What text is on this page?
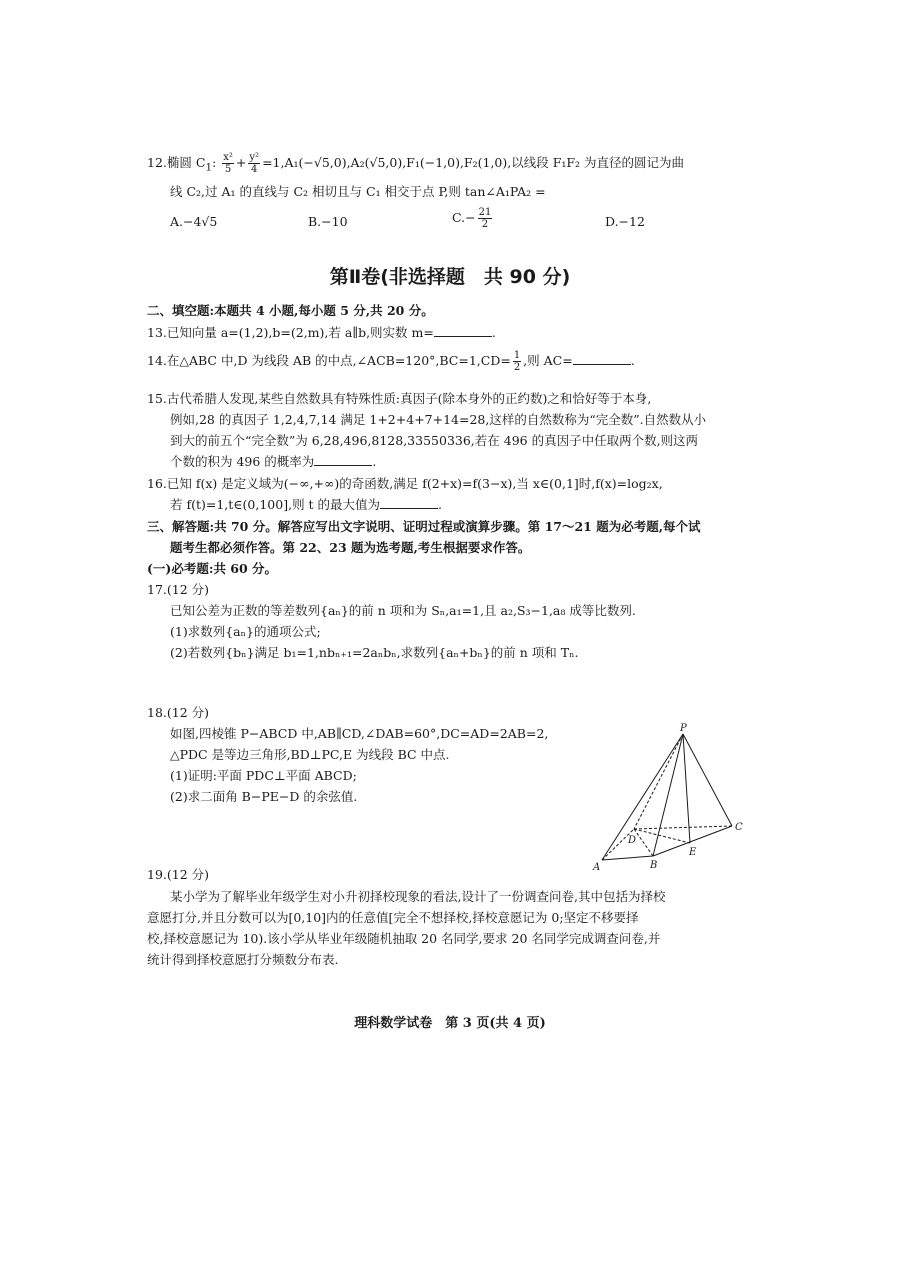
12.椭圆 $C_1$: $\frac{\text{x²}}{5} + \frac{\text{y²}}{4} =1,A_1(-√5,0),A_2(√5,0),F_1(-1,0),F_2(1,0)$,以线段 F₁F₂ 为直径的圆记为曲
线 C₂,过 A₁ 的直线与 C₂ 相切且与 C₁ 相交于点 P,则 tan∠A₁PA₂ =
A.−4√5	B.−10	$C.- \frac{21}{2}$	D.−12
第Ⅱ卷(非选择题　共 90 分)
二、填空题:本题共 4 小题,每小题 5 分,共 20 分。
13.已知向量 a=(1,2),b=(2,m),若 a∥b,则实数 m=	.
14.在△ABC 中,D 为线段 AB 的中点,∠ACB=120°,BC=1,CD= $\frac{1}{2}$ ,则 AC=	.
15.古代希腊人发现,某些自然数具有特殊性质:真因子(除本身外的正约数)之和恰好等于本身,
例如,28 的真因子 1,2,4,7,14 满足 1+2+4+7+14=28,这样的自然数称为“完全数”.自然数从小
到大的前五个“完全数”为 6,28,496,8128,33550336,若在 496 的真因子中任取两个数,则这两
个数的积为 496 的概率为	.
16.已知 f(x) 是定义域为(−∞,+∞)的奇函数,满足 f(2+x)=f(3−x),当 x∈(0,1]时,f(x)=log₂x,
若 f(t)=1,t∈(0,100],则 t 的最大值为	.
三、解答题:共 70 分。解答应写出文字说明、证明过程或演算步骤。第 17～21 题为必考题,每个试
题考生都必须作答。第 22、23 题为选考题,考生根据要求作答。
(一)必考题:共 60 分。
17.(12 分)
已知公差为正数的等差数列{aₙ}的前 n 项和为 Sₙ,a₁=1,且 a₂,S₃−1,a₈ 成等比数列.
(1)求数列{aₙ}的通项公式;
(2)若数列{bₙ}满足 b₁=1,nbₙ₊₁=2aₙbₙ,求数列{aₙ+bₙ}的前 n 项和 Tₙ.
18.(12 分)
如图,四棱锥 P−ABCD 中,AB∥CD,∠DAB=60°,DC=AD=2AB=2,
△PDC 是等边三角形,BD⊥PC,E 为线段 BC 中点.
(1)证明:平面 PDC⊥平面 ABCD;
(2)求二面角 B−PE−D 的余弦值.
P
A	B
C
D
E
19.(12 分)
某小学为了解毕业年级学生对小升初择校现象的看法,设计了一份调查问卷,其中包括为择校
意愿打分,并且分数可以为[0,10]内的任意值[完全不想择校,择校意愿记为 0;坚定不移要择
校,择校意愿记为 10).该小学从毕业年级随机抽取 20 名同学,要求 20 名同学完成调查问卷,并
统计得到择校意愿打分频数分布表.
理科数学试卷　第 3 页(共 4 页)
